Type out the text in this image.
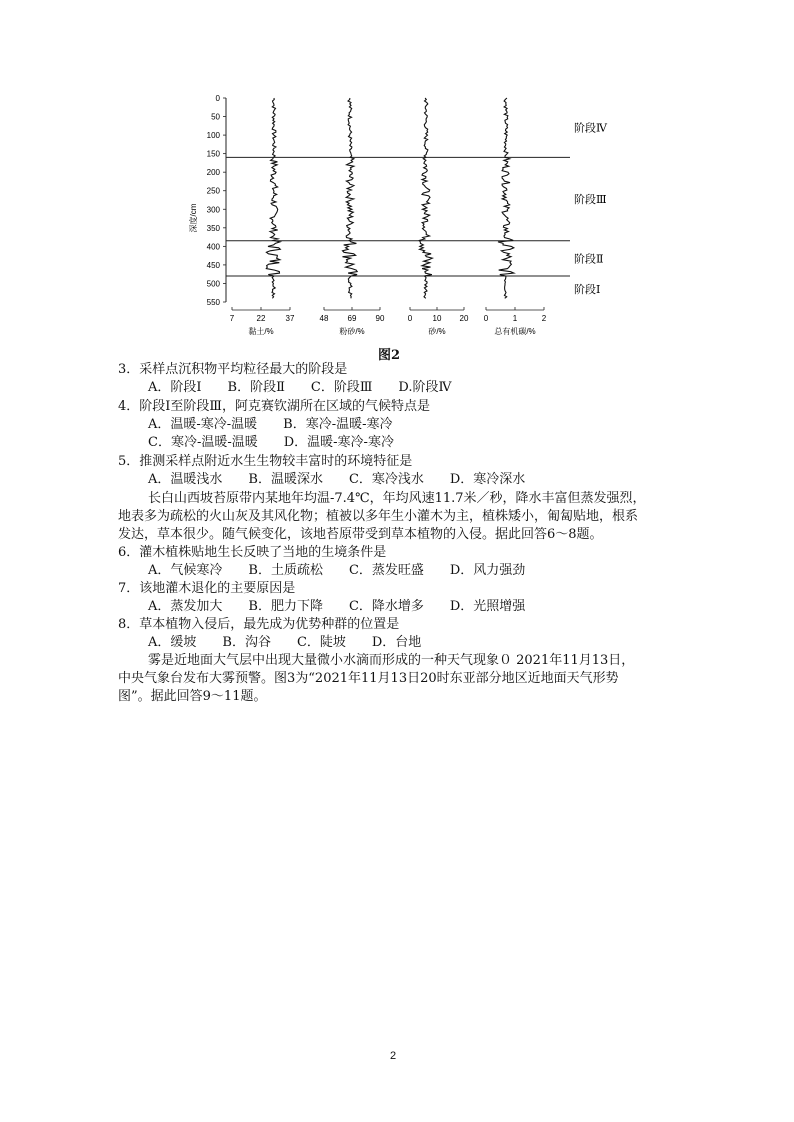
0
50
100
150
200
250
300
350
400
450
500
550
深度/cm
7	22	37
黏土/%
48 69 90
粉砂/%
0	10 20
砂/%
0	1	2
总有机碳/%
阶段Ⅳ
阶段Ⅲ
阶段Ⅱ
阶段Ⅰ
图2
3．采样点沉积物平均粒径最大的阶段是
A．阶段Ⅰ　　B．阶段Ⅱ　　C．阶段Ⅲ　　D.阶段Ⅳ
4．阶段Ⅰ至阶段Ⅲ，阿克赛钦湖所在区域的气候特点是
A．温暖-寒冷-温暖　　B．寒冷-温暖-寒冷
C．寒冷-温暖-温暖　　D．温暖-寒冷-寒冷
5．推测采样点附近水生生物较丰富时的环境特征是
A．温暖浅水　　B．温暖深水　　C．寒冷浅水　　D．寒冷深水
长白山西坡苔原带内某地年均温-7.4℃，年均风速11.7米／秒，降水丰富但蒸发强烈，
地表多为疏松的火山灰及其风化物；植被以多年生小灌木为主，植株矮小，匍匐贴地，根系
发达，草本很少。随气候变化，该地苔原带受到草本植物的入侵。据此回答6～8题。
6．灌木植株贴地生长反映了当地的生境条件是
A．气候寒冷　　B．土质疏松　　C．蒸发旺盛　　D．风力强劲
7．该地灌木退化的主要原因是
A．蒸发加大　　B．肥力下降　　C．降水增多　　D．光照增强
8．草本植物入侵后，最先成为优势种群的位置是
A．缓坡　　B．沟谷　　C．陡坡　　D．台地
雾是近地面大气层中出现大量微小水滴而形成的一种天气现象０ 2021年11月13日，
中央气象台发布大雾预警。图3为“2021年11月13日20时东亚部分地区近地面天气形势
图”。据此回答9～11题。
2
